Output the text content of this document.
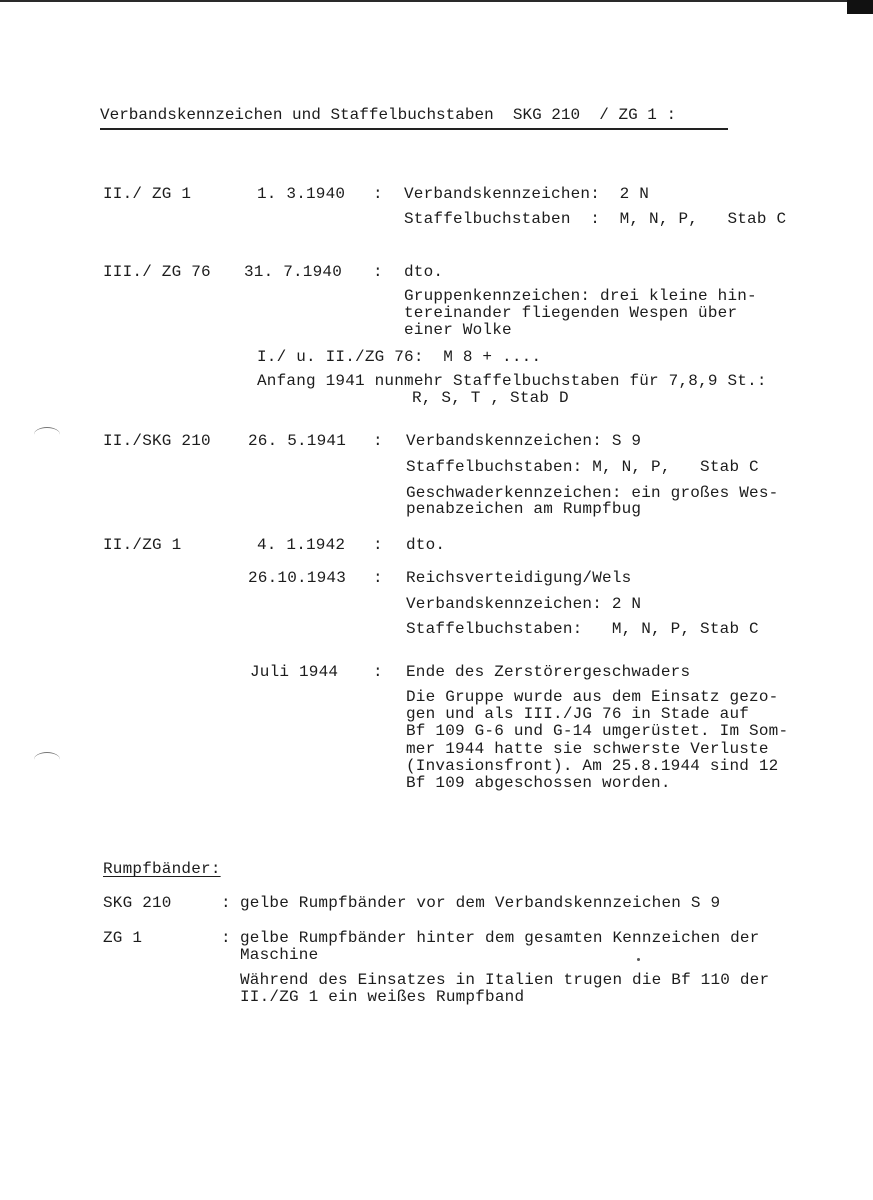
Verbandskennzeichen und Staffelbuchstaben  SKG 210  / ZG 1 :
II./ ZG 1	1. 3.1940 : Verbandskennzeichen:  2 N
Staffelbuchstaben  :  M, N, P,   Stab C
III./ ZG 76 31. 7.1940 : dto.
Gruppenkennzeichen: drei kleine hin-
tereinander fliegenden Wespen über
einer Wolke
I./ u. II./ZG 76:  M 8 + ....
Anfang 1941 nunmehr Staffelbuchstaben für 7,8,9 St.:
R, S, T , Stab D
II./SKG 210 26. 5.1941 : Verbandskennzeichen: S 9
Staffelbuchstaben: M, N, P,   Stab C
Geschwaderkennzeichen: ein großes Wes-
penabzeichen am Rumpfbug
II./ZG 1	4. 1.1942 : dto.
26.10.1943 : Reichsverteidigung/Wels
Verbandskennzeichen: 2 N
Staffelbuchstaben:   M, N, P, Stab C
Juli 1944 : Ende des Zerstörergeschwaders
Die Gruppe wurde aus dem Einsatz gezo-
gen und als III./JG 76 in Stade auf
Bf 109 G-6 und G-14 umgerüstet. Im Som-
mer 1944 hatte sie schwerste Verluste
(Invasionsfront). Am 25.8.1944 sind 12
Bf 109 abgeschossen worden.
Rumpfbänder:
SKG 210	: gelbe Rumpfbänder vor dem Verbandskennzeichen S 9
ZG 1	: gelbe Rumpfbänder hinter dem gesamten Kennzeichen der
Maschine
Während des Einsatzes in Italien trugen die Bf 110 der
II./ZG 1 ein weißes Rumpfband
